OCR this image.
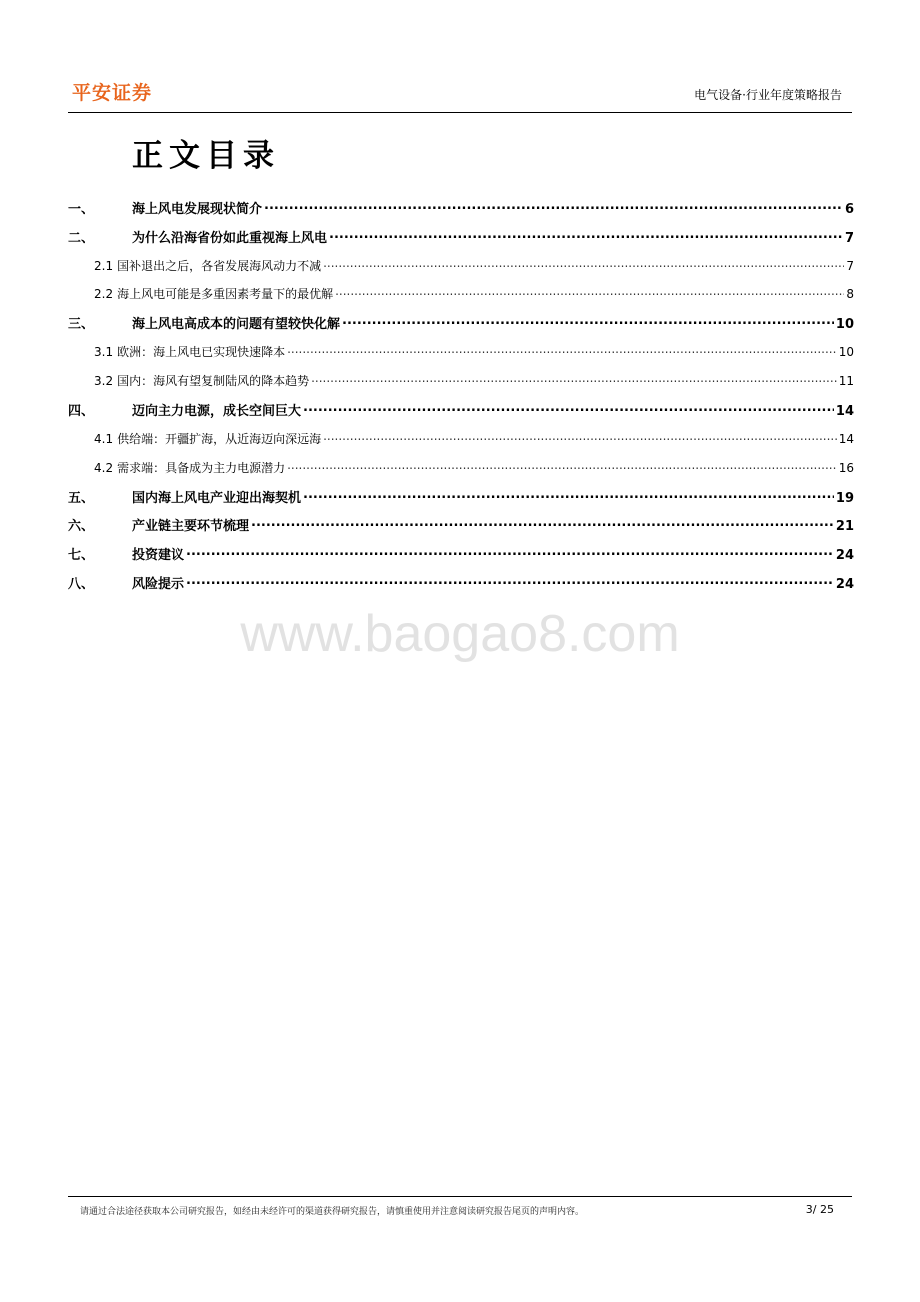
平安证券	电气设备·行业年度策略报告
正文目录
一、	海上风电发展现状简介 .....	6
二、	为什么沿海省份如此重视海上风电 .....	7
2.1 国补退出之后，各省发展海风动力不减 .....	7
2.2 海上风电可能是多重因素考量下的最优解 .....	8
三、	海上风电高成本的问题有望较快化解 .....	10
3.1 欧洲：海上风电已实现快速降本 .....	10
3.2 国内：海风有望复制陆风的降本趋势 .....	11
四、	迈向主力电源，成长空间巨大 .....	14
4.1 供给端：开疆扩海，从近海迈向深远海 .....	14
4.2 需求端：具备成为主力电源潜力 .....	16
五、	国内海上风电产业迎出海契机 .....	19
六、	产业链主要环节梳理 .....	21
七、	投资建议 .....	24
八、	风险提示 .....	24
www.baogao8.com
请通过合法途径获取本公司研究报告，如经由未经许可的渠道获得研究报告，请慎重使用并注意阅读研究报告尾页的声明内容。	3/ 25
